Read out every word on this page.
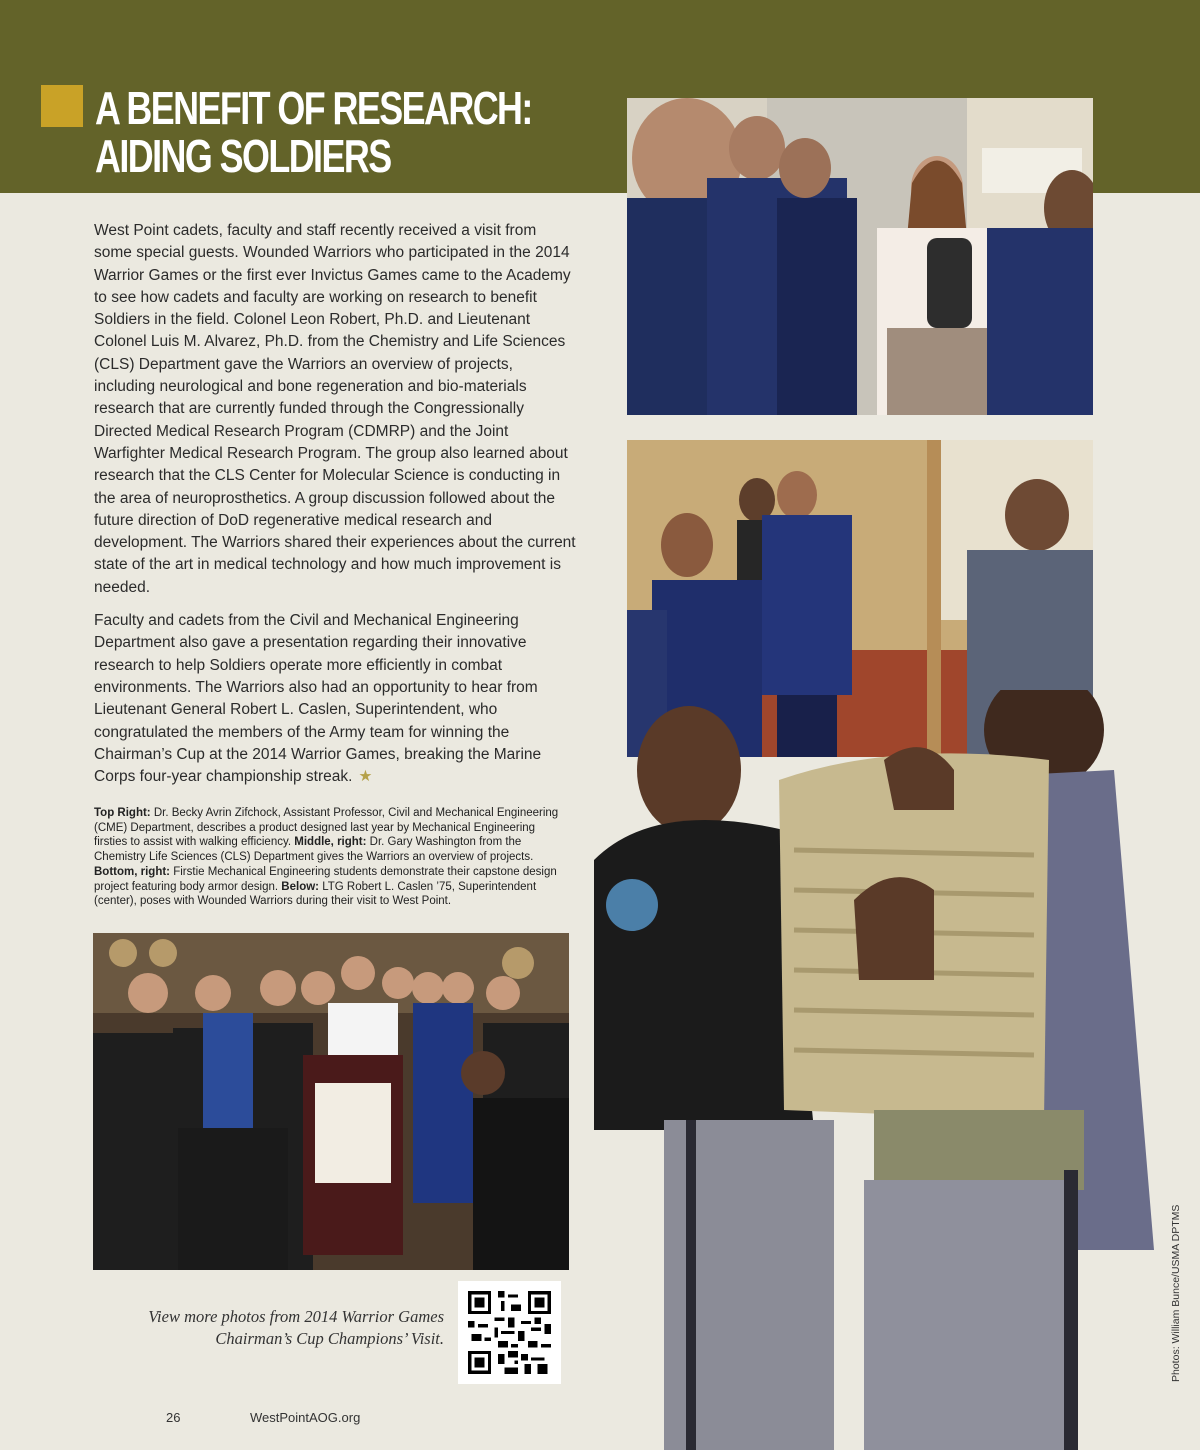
A BENEFIT OF RESEARCH:
AIDING SOLDIERS

West Point cadets, faculty and staff recently received a visit from some special guests. Wounded Warriors who participated in the 2014 Warrior Games or the first ever Invictus Games came to the Academy to see how cadets and faculty are working on research to benefit Soldiers in the field. Colonel Leon Robert, Ph.D. and Lieutenant Colonel Luis M. Alvarez, Ph.D. from the Chemistry and Life Sciences (CLS) Department gave the Warriors an overview of projects, including neurological and bone regeneration and bio-materials research that are currently funded through the Congressionally Directed Medical Research Program (CDMRP) and the Joint Warfighter Medical Research Program. The group also learned about research that the CLS Center for Molecular Science is conducting in the area of neuroprosthetics. A group discussion followed about the future direction of DoD regenerative medical research and development. The Warriors shared their experiences about the current state of the art in medical technology and how much improvement is needed.

Faculty and cadets from the Civil and Mechanical Engineering Department also gave a presentation regarding their innovative research to help Soldiers operate more efficiently in combat environments. The Warriors also had an opportunity to hear from Lieutenant General Robert L. Caslen, Superintendent, who congratulated the members of the Army team for winning the Chairman’s Cup at the 2014 Warrior Games, breaking the Marine Corps four-year championship streak. ★

Top Right: Dr. Becky Avrin Zifchock, Assistant Professor, Civil and Mechanical Engineering (CME) Department, describes a product designed last year by Mechanical Engineering firsties to assist with walking efficiency. Middle, right: Dr. Gary Washington from the Chemistry Life Sciences (CLS) Department gives the Warriors an overview of projects. Bottom, right: Firstie Mechanical Engineering students demonstrate their capstone design project featuring body armor design. Below: LTG Robert L. Caslen ’75, Superintendent (center), poses with Wounded Warriors during their visit to West Point.
View more photos from 2014 Warrior Games
Chairman’s Cup Champions’ Visit.
26	WestPointAOG.org
Photos: William Bunce/USMA DPTMS
